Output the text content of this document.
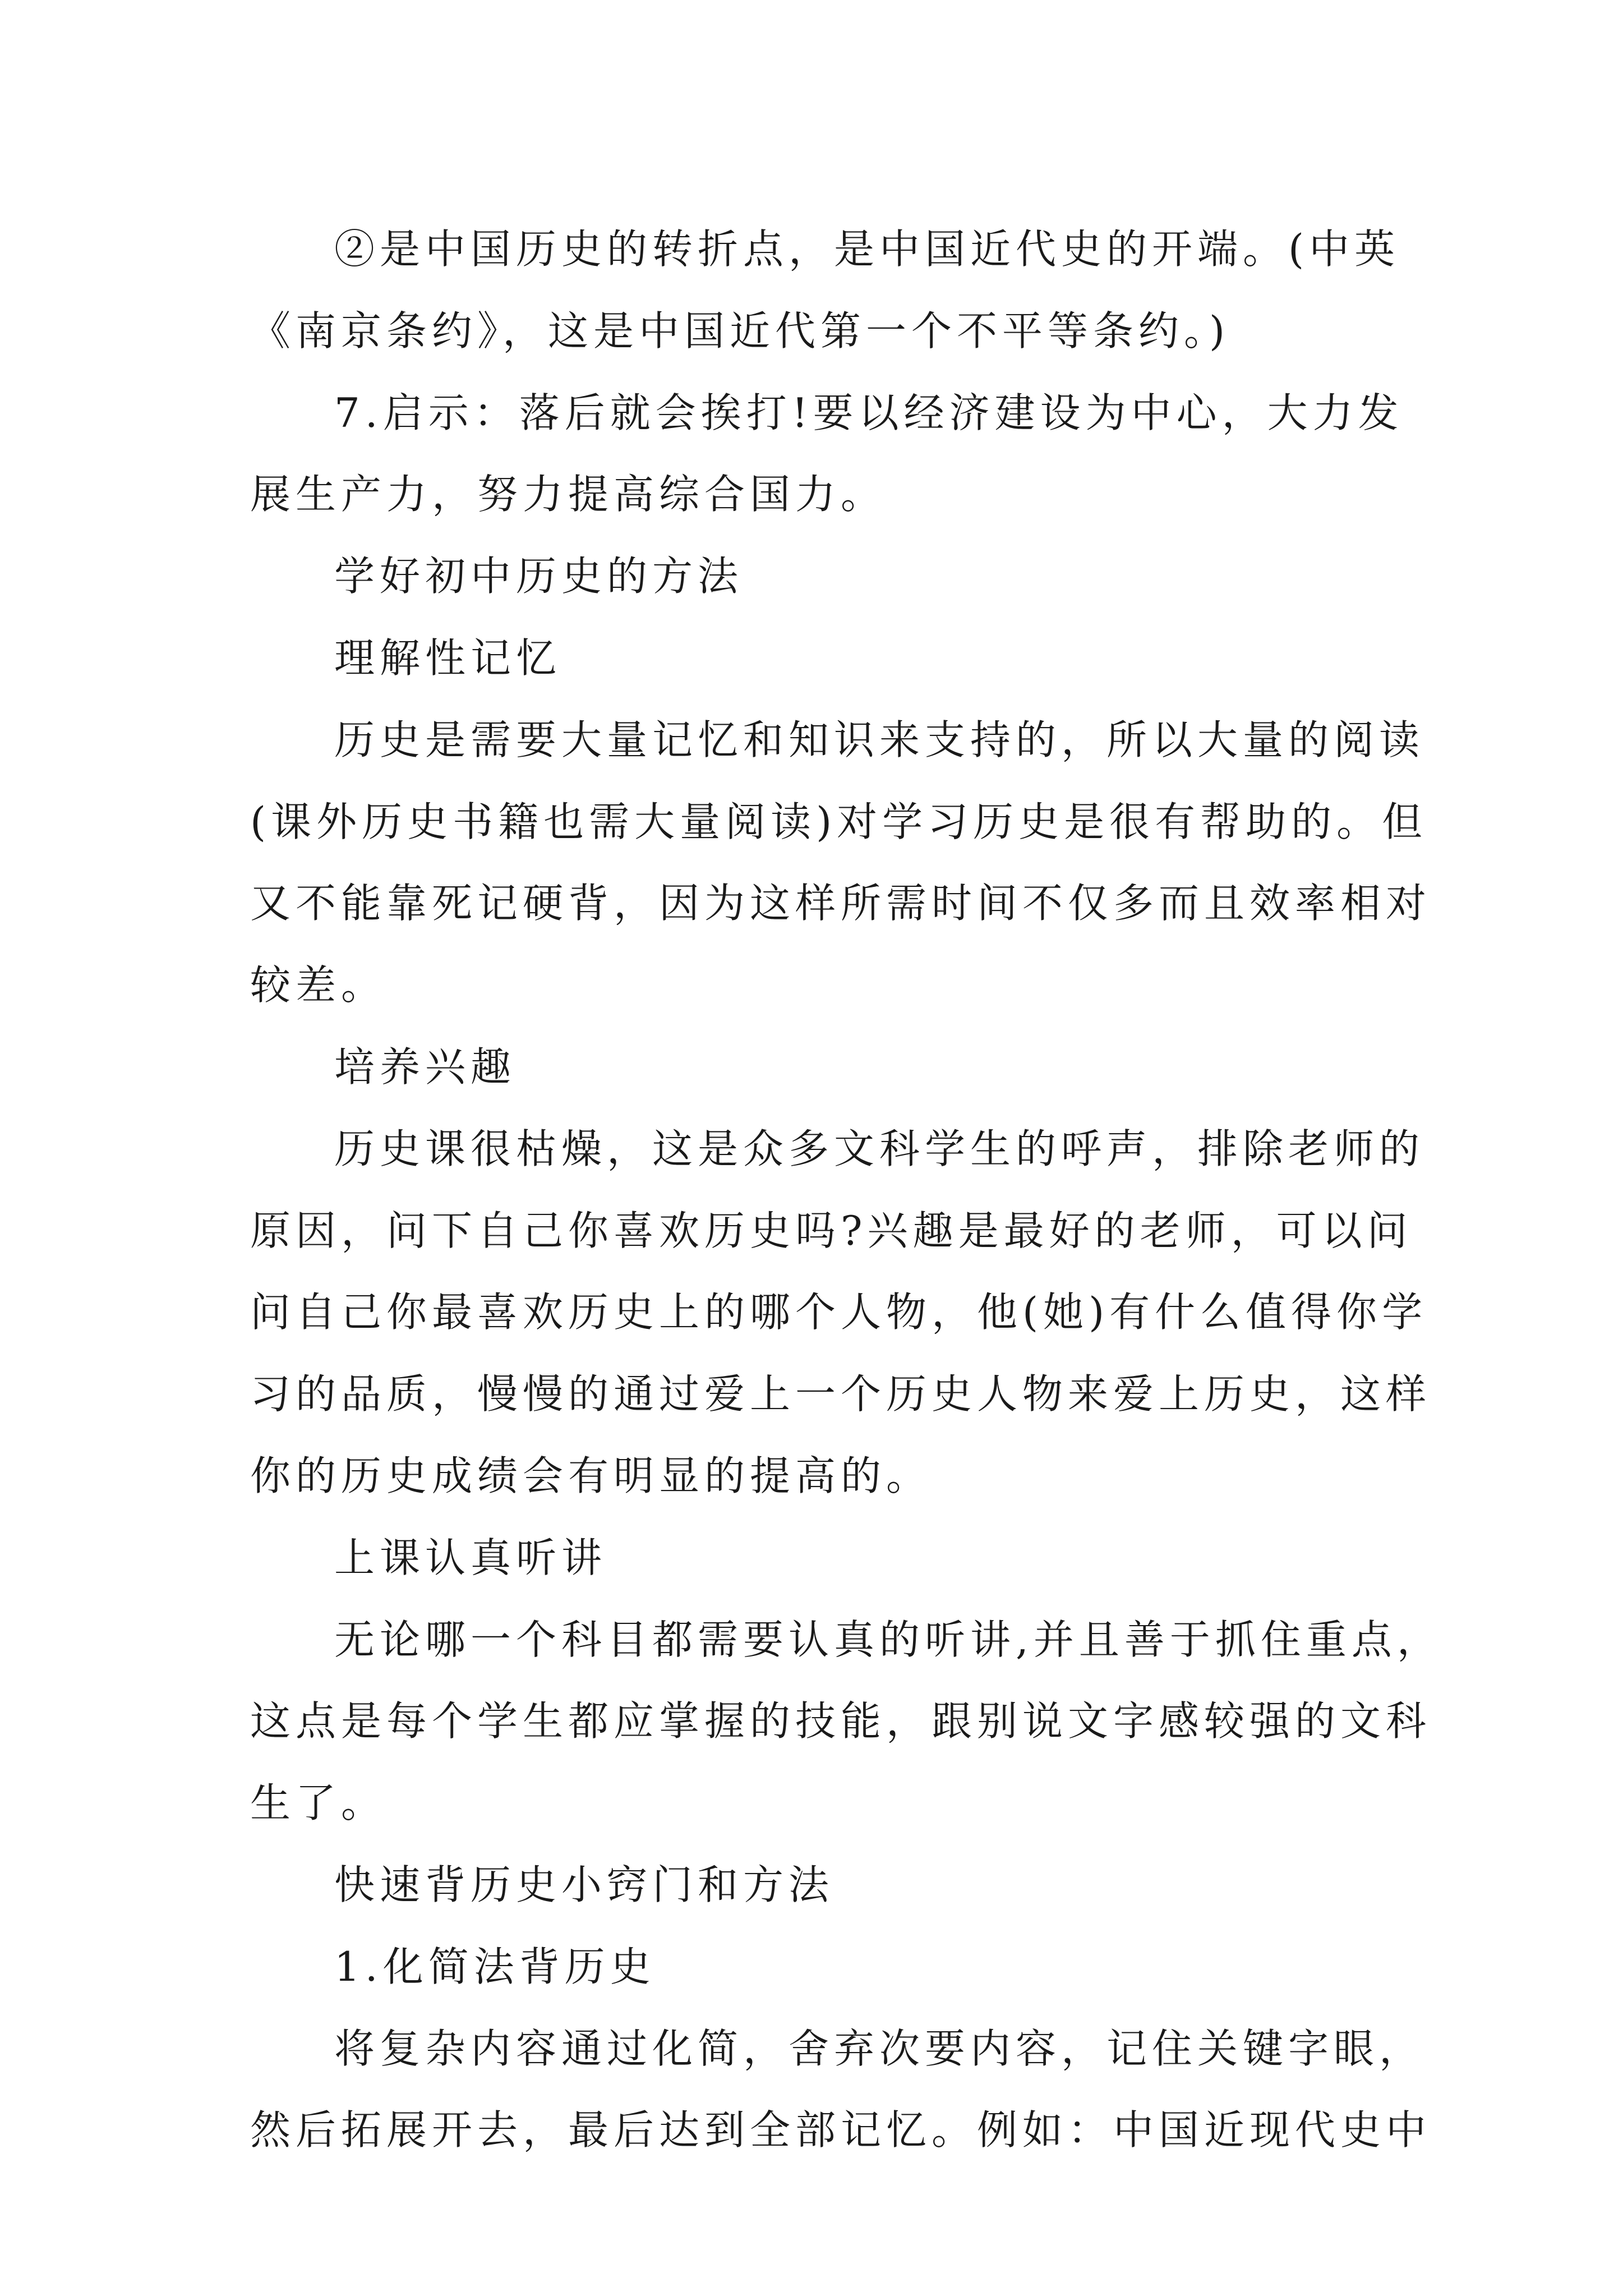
②是中国历史的转折点，是中国近代史的开端。(中英
《南京条约》，这是中国近代第一个不平等条约。)
7.启示：落后就会挨打!要以经济建设为中心，大力发
展生产力，努力提高综合国力。
学好初中历史的方法
理解性记忆
历史是需要大量记忆和知识来支持的，所以大量的阅读
(课外历史书籍也需大量阅读)对学习历史是很有帮助的。但
又不能靠死记硬背，因为这样所需时间不仅多而且效率相对
较差。
培养兴趣
历史课很枯燥，这是众多文科学生的呼声，排除老师的
原因，问下自己你喜欢历史吗?兴趣是最好的老师，可以问
问自己你最喜欢历史上的哪个人物，他(她)有什么值得你学
习的品质，慢慢的通过爱上一个历史人物来爱上历史，这样
你的历史成绩会有明显的提高的。
上课认真听讲
无论哪一个科目都需要认真的听讲,并且善于抓住重点，
这点是每个学生都应掌握的技能，跟别说文字感较强的文科
生了。
快速背历史小窍门和方法
1.化简法背历史
将复杂内容通过化简，舍弃次要内容，记住关键字眼，
然后拓展开去，最后达到全部记忆。例如：中国近现代史中
